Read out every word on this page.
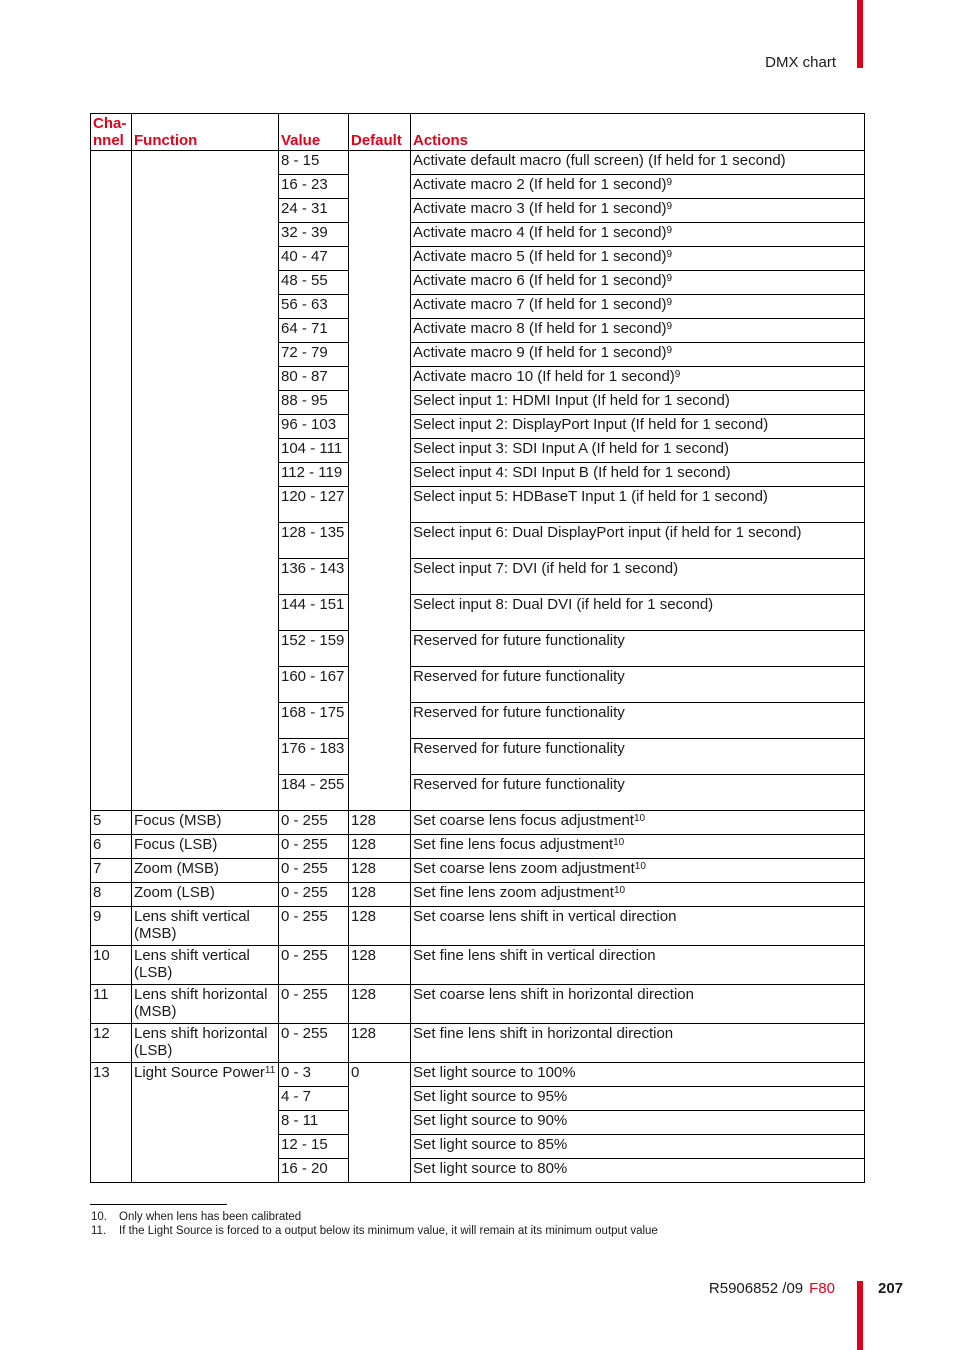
DMX chart
Cha-
nnel	Function	Value	Default	Actions
		8 - 15		Activate default macro (full screen) (If held for 1 second)
		16 - 23		Activate macro 2 (If held for 1 second)$^9$
		24 - 31		Activate macro 3 (If held for 1 second)$^9$
		32 - 39		Activate macro 4 (If held for 1 second)$^9$
		40 - 47		Activate macro 5 (If held for 1 second)$^9$
		48 - 55		Activate macro 6 (If held for 1 second)$^9$
		56 - 63		Activate macro 7 (If held for 1 second)$^9$
		64 - 71		Activate macro 8 (If held for 1 second)$^9$
		72 - 79		Activate macro 9 (If held for 1 second)$^9$
		80 - 87		Activate macro 10 (If held for 1 second)$^9$
		88 - 95		Select input 1: HDMI Input (If held for 1 second)
		96 - 103		Select input 2: DisplayPort Input (If held for 1 second)
		104 - 111		Select input 3: SDI Input A (If held for 1 second)
		112 - 119		Select input 4: SDI Input B (If held for 1 second)
		120 - 127		Select input 5: HDBaseT Input 1 (if held for 1 second)
		128 - 135		Select input 6: Dual DisplayPort input (if held for 1 second)
		136 - 143		Select input 7: DVI (if held for 1 second)
		144 - 151		Select input 8: Dual DVI (if held for 1 second)
		152 - 159		Reserved for future functionality
		160 - 167		Reserved for future functionality
		168 - 175		Reserved for future functionality
		176 - 183		Reserved for future functionality
		184 - 255		Reserved for future functionality
5	Focus (MSB)	0 - 255	128	Set coarse lens focus adjustment$^{10}$
6	Focus (LSB)	0 - 255	128	Set fine lens focus adjustment$^{10}$
7	Zoom (MSB)	0 - 255	128	Set coarse lens zoom adjustment$^{10}$
8	Zoom (LSB)	0 - 255	128	Set fine lens zoom adjustment$^{10}$
9	Lens shift vertical (MSB)	0 - 255	128	Set coarse lens shift in vertical direction
10	Lens shift vertical (LSB)	0 - 255	128	Set fine lens shift in vertical direction
11	Lens shift horizontal (MSB)	0 - 255	128	Set coarse lens shift in horizontal direction
12	Lens shift horizontal (LSB)	0 - 255	128	Set fine lens shift in horizontal direction
13	Light Source Power$^{11}$	0 - 3	0	Set light source to 100%
		4 - 7		Set light source to 95%
		8 - 11		Set light source to 90%
		12 - 15		Set light source to 85%
		16 - 20		Set light source to 80%
10. Only when lens has been calibrated
11. If the Light Source is forced to a output below its minimum value, it will remain at its minimum output value
R5906852 /09 F80	207
